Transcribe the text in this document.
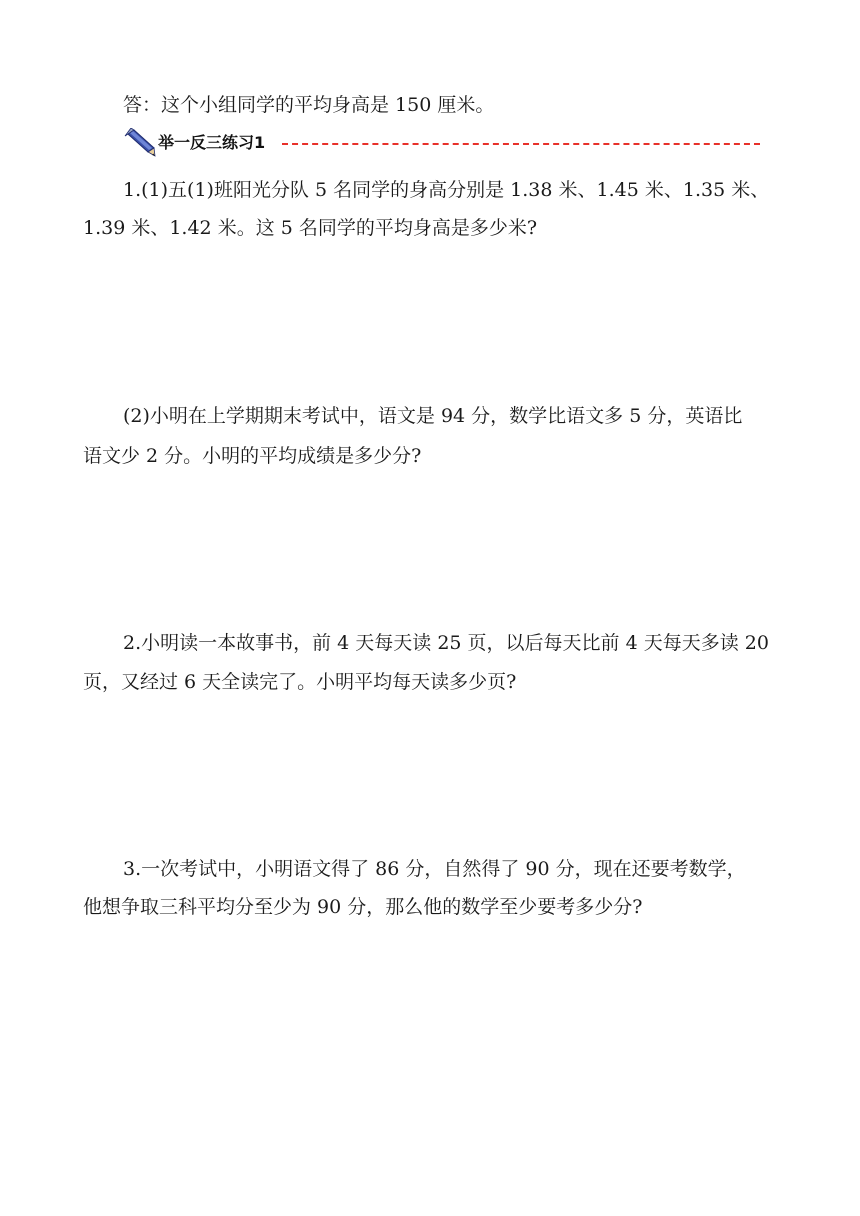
答：这个小组同学的平均身高是 150 厘米。
举一反三练习1
1.(1)五(1)班阳光分队 5 名同学的身高分别是 1.38 米、1.45 米、1.35 米、
1.39 米、1.42 米。这 5 名同学的平均身高是多少米?
(2)小明在上学期期末考试中，语文是 94 分，数学比语文多 5 分，英语比
语文少 2 分。小明的平均成绩是多少分?
2.小明读一本故事书，前 4 天每天读 25 页，以后每天比前 4 天每天多读 20
页，又经过 6 天全读完了。小明平均每天读多少页?
3.一次考试中，小明语文得了 86 分，自然得了 90 分，现在还要考数学，
他想争取三科平均分至少为 90 分，那么他的数学至少要考多少分?
